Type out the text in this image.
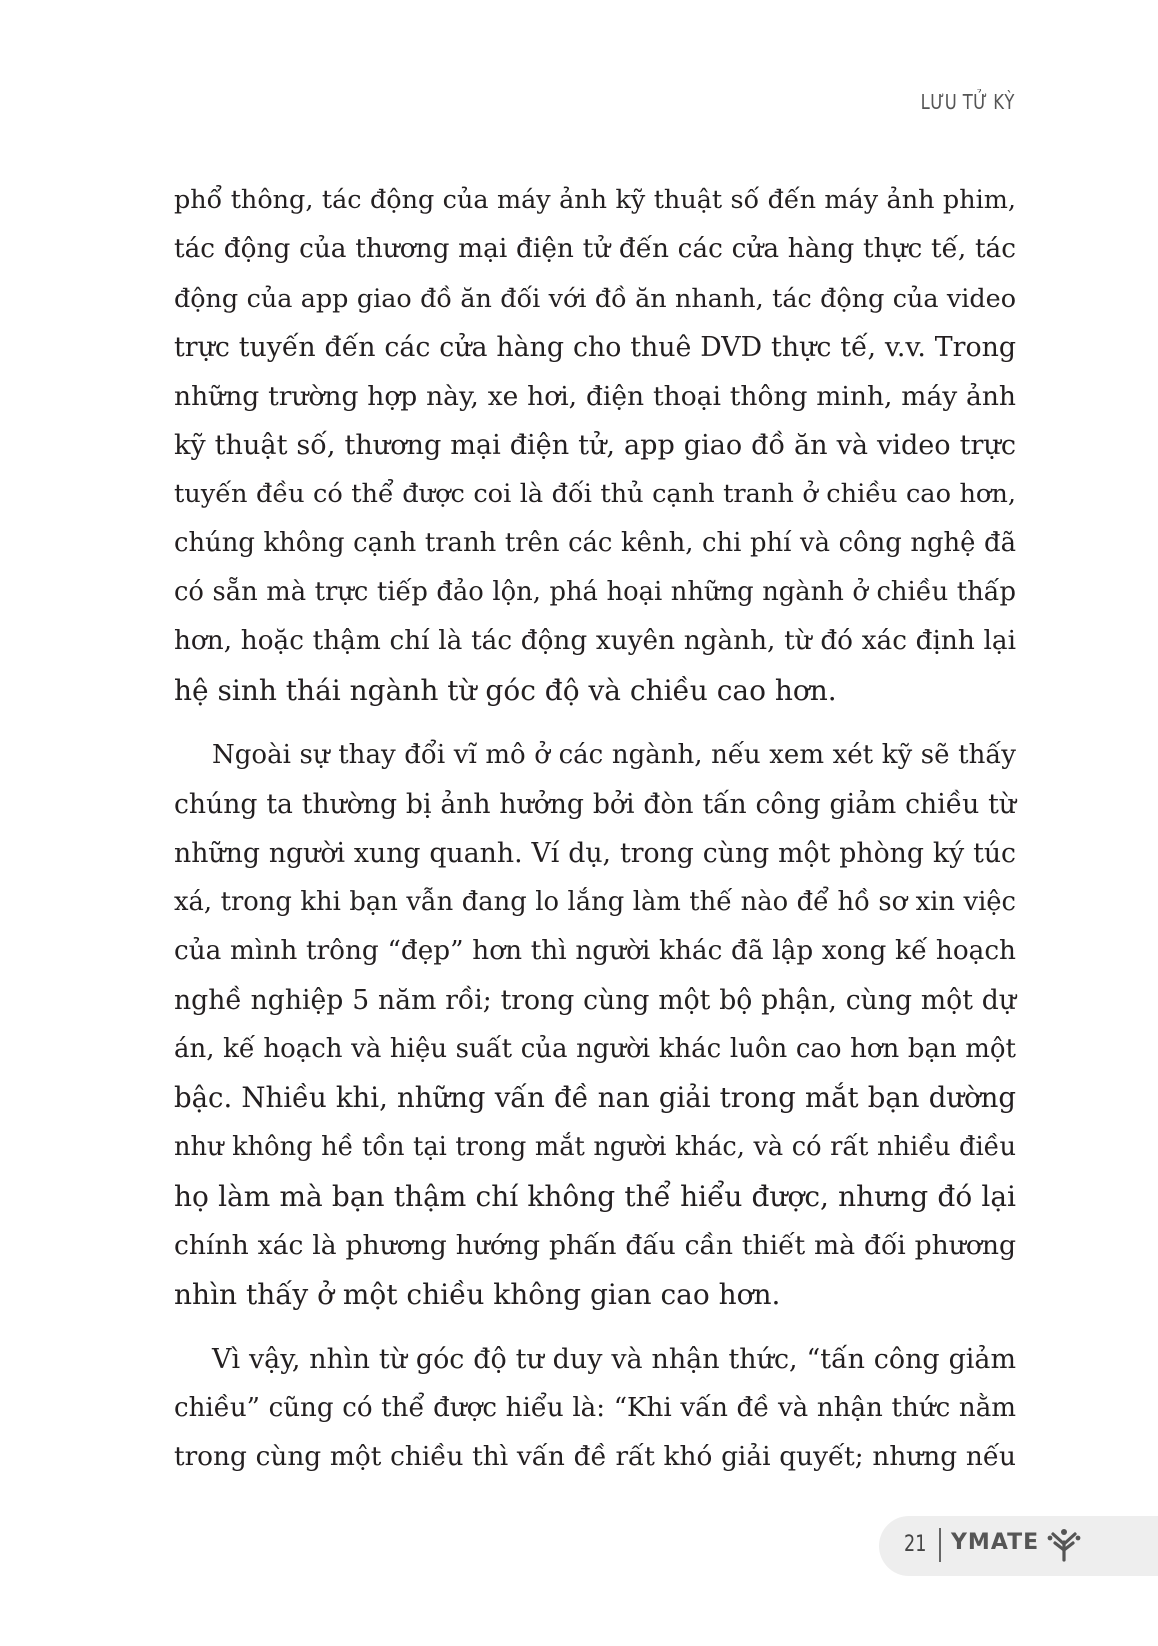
LƯU TỬ KỲ
phổ thông, tác động của máy ảnh kỹ thuật số đến máy ảnh phim,
tác động của thương mại điện tử đến các cửa hàng thực tế, tác
động của app giao đồ ăn đối với đồ ăn nhanh, tác động của video
trực tuyến đến các cửa hàng cho thuê DVD thực tế, v.v. Trong
những trường hợp này, xe hơi, điện thoại thông minh, máy ảnh
kỹ thuật số, thương mại điện tử, app giao đồ ăn và video trực
tuyến đều có thể được coi là đối thủ cạnh tranh ở chiều cao hơn,
chúng không cạnh tranh trên các kênh, chi phí và công nghệ đã
có sẵn mà trực tiếp đảo lộn, phá hoại những ngành ở chiều thấp
hơn, hoặc thậm chí là tác động xuyên ngành, từ đó xác định lại
hệ sinh thái ngành từ góc độ và chiều cao hơn.
Ngoài sự thay đổi vĩ mô ở các ngành, nếu xem xét kỹ sẽ thấy
chúng ta thường bị ảnh hưởng bởi đòn tấn công giảm chiều từ
những người xung quanh. Ví dụ, trong cùng một phòng ký túc
xá, trong khi bạn vẫn đang lo lắng làm thế nào để hồ sơ xin việc
của mình trông “đẹp” hơn thì người khác đã lập xong kế hoạch
nghề nghiệp 5 năm rồi; trong cùng một bộ phận, cùng một dự
án, kế hoạch và hiệu suất của người khác luôn cao hơn bạn một
bậc. Nhiều khi, những vấn đề nan giải trong mắt bạn dường
như không hề tồn tại trong mắt người khác, và có rất nhiều điều
họ làm mà bạn thậm chí không thể hiểu được, nhưng đó lại
chính xác là phương hướng phấn đấu cần thiết mà đối phương
nhìn thấy ở một chiều không gian cao hơn.
Vì vậy, nhìn từ góc độ tư duy và nhận thức, “tấn công giảm
chiều” cũng có thể được hiểu là: “Khi vấn đề và nhận thức nằm
trong cùng một chiều thì vấn đề rất khó giải quyết; nhưng nếu
21 YMATE
